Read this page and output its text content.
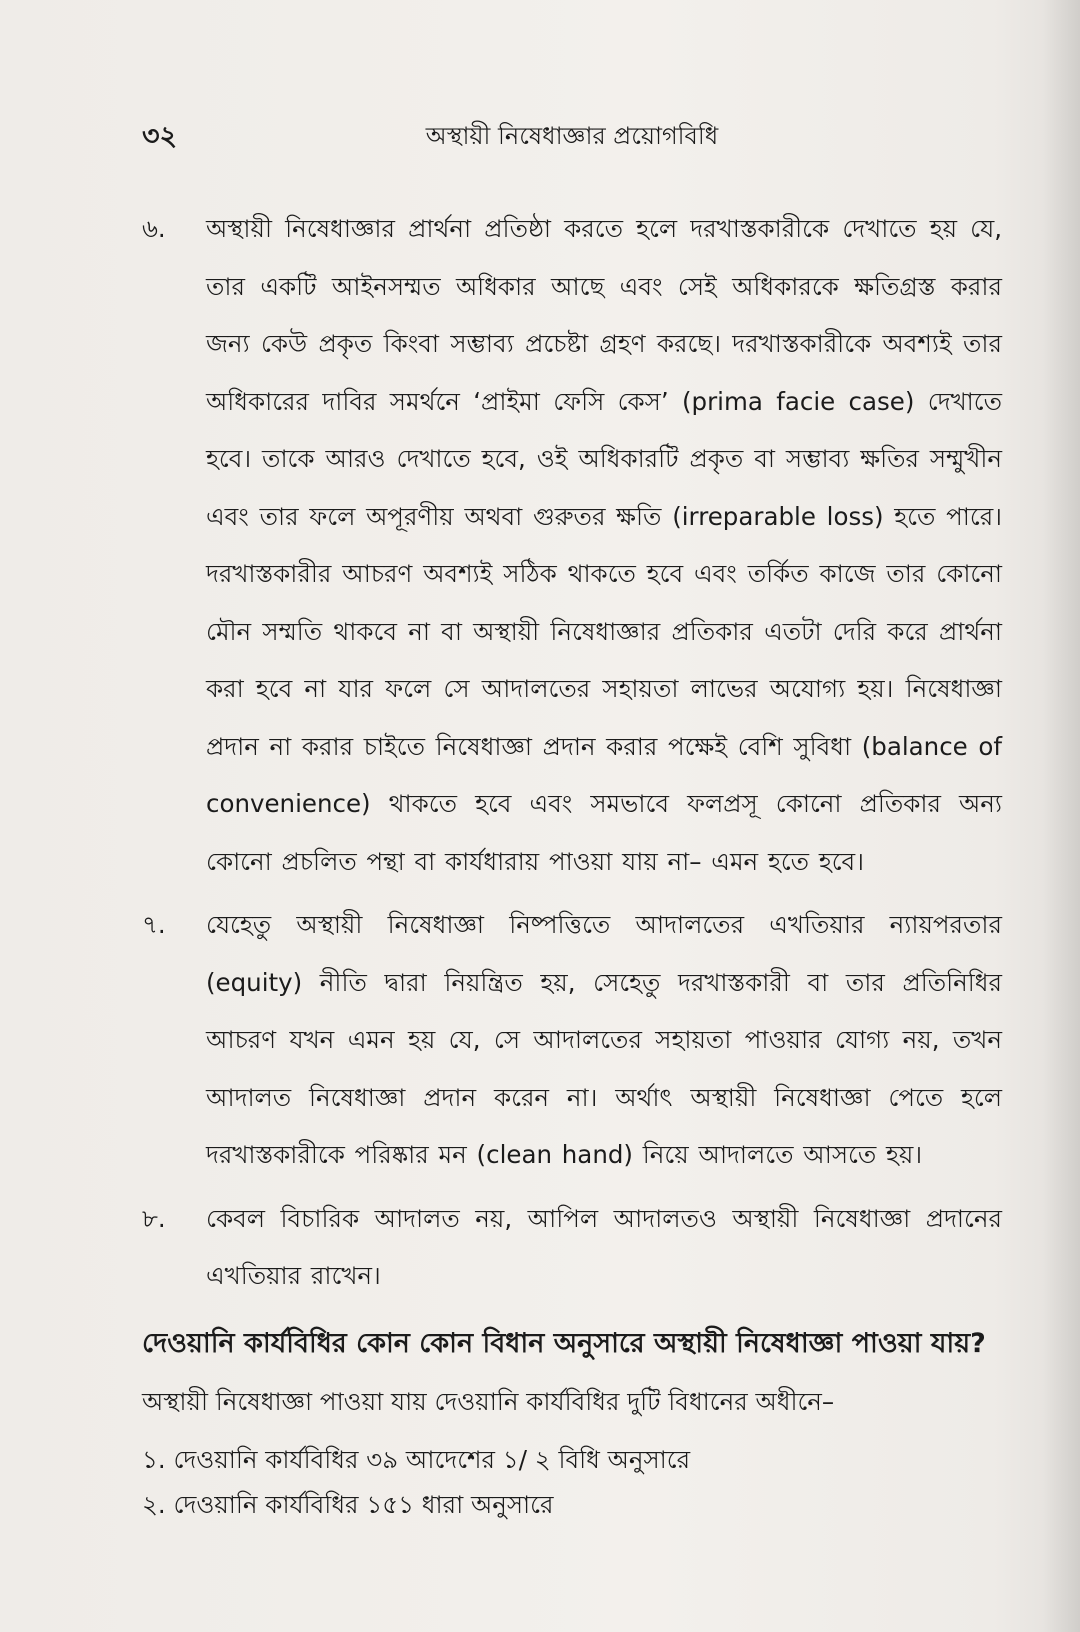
৩২	অস্থায়ী নিষেধাজ্ঞার প্রয়োগবিধি
৬.	অস্থায়ী নিষেধাজ্ঞার প্রার্থনা প্রতিষ্ঠা করতে হলে দরখাস্তকারীকে দেখাতে হয় যে, তার একটি আইনসম্মত অধিকার আছে এবং সেই অধিকারকে ক্ষতিগ্রস্ত করার জন্য কেউ প্রকৃত কিংবা সম্ভাব্য প্রচেষ্টা গ্রহণ করছে। দরখাস্তকারীকে অবশ্যই তার অধিকারের দাবির সমর্থনে ‘প্রাইমা ফেসি কেস’ (prima facie case) দেখাতে হবে। তাকে আরও দেখাতে হবে, ওই অধিকারটি প্রকৃত বা সম্ভাব্য ক্ষতির সম্মুখীন এবং তার ফলে অপূরণীয় অথবা গুরুতর ক্ষতি (irreparable loss) হতে পারে। দরখাস্তকারীর আচরণ অবশ্যই সঠিক থাকতে হবে এবং তর্কিত কাজে তার কোনো মৌন সম্মতি থাকবে না বা অস্থায়ী নিষেধাজ্ঞার প্রতিকার এতটা দেরি করে প্রার্থনা করা হবে না যার ফলে সে আদালতের সহায়তা লাভের অযোগ্য হয়। নিষেধাজ্ঞা প্রদান না করার চাইতে নিষেধাজ্ঞা প্রদান করার পক্ষেই বেশি সুবিধা (balance of convenience) থাকতে হবে এবং সমভাবে ফলপ্রসূ কোনো প্রতিকার অন্য কোনো প্রচলিত পন্থা বা কার্যধারায় পাওয়া যায় না– এমন হতে হবে।
৭.	যেহেতু অস্থায়ী নিষেধাজ্ঞা নিষ্পত্তিতে আদালতের এখতিয়ার ন্যায়পরতার (equity) নীতি দ্বারা নিয়ন্ত্রিত হয়, সেহেতু দরখাস্তকারী বা তার প্রতিনিধির আচরণ যখন এমন হয় যে, সে আদালতের সহায়তা পাওয়ার যোগ্য নয়, তখন আদালত নিষেধাজ্ঞা প্রদান করেন না। অর্থাৎ অস্থায়ী নিষেধাজ্ঞা পেতে হলে দরখাস্তকারীকে পরিষ্কার মন (clean hand) নিয়ে আদালতে আসতে হয়।
৮.	কেবল বিচারিক আদালত নয়, আপিল আদালতও অস্থায়ী নিষেধাজ্ঞা প্রদানের এখতিয়ার রাখেন।
দেওয়ানি কার্যবিধির কোন কোন বিধান অনুসারে অস্থায়ী নিষেধাজ্ঞা পাওয়া যায়?
অস্থায়ী নিষেধাজ্ঞা পাওয়া যায় দেওয়ানি কার্যবিধির দুটি বিধানের অধীনে–
১. দেওয়ানি কার্যবিধির ৩৯ আদেশের ১/ ২ বিধি অনুসারে
২. দেওয়ানি কার্যবিধির ১৫১ ধারা অনুসারে
